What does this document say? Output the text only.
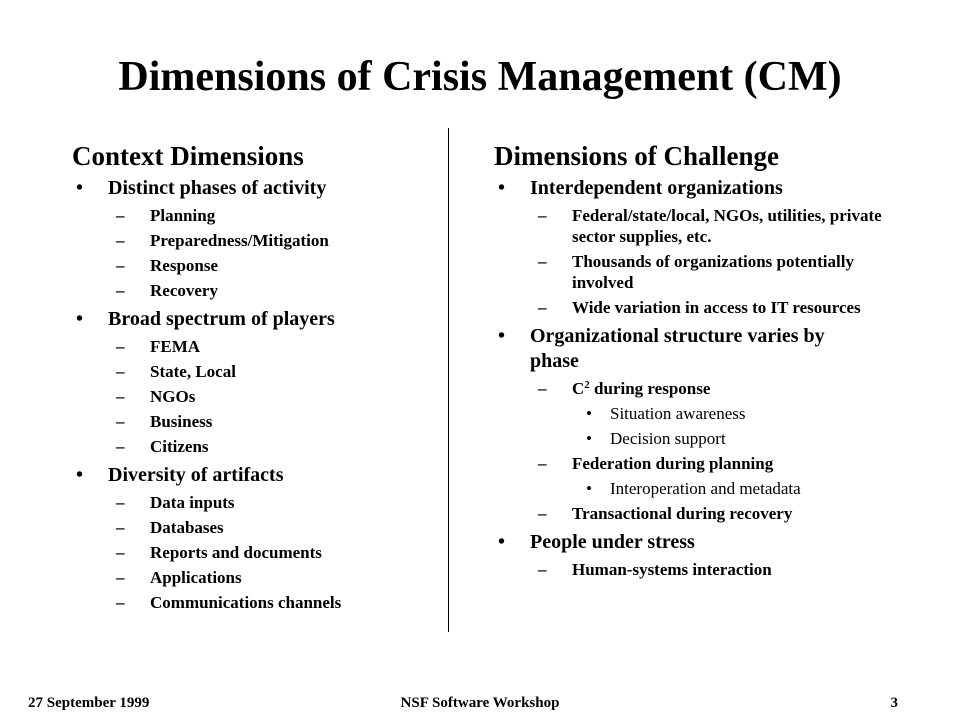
Dimensions of Crisis Management (CM)
Context Dimensions
• Distinct phases of activity
– Planning
– Preparedness/Mitigation
– Response
– Recovery
• Broad spectrum of players
– FEMA
– State, Local
– NGOs
– Business
– Citizens
• Diversity of artifacts
– Data inputs
– Databases
– Reports and documents
– Applications
– Communications channels
Dimensions of Challenge
• Interdependent organizations
– Federal/state/local, NGOs, utilities, private sector supplies, etc.
– Thousands of organizations potentially involved
– Wide variation in access to IT resources
• Organizational structure varies by phase
– $C^2$ during response
• Situation awareness
• Decision support
– Federation during planning
• Interoperation and metadata
– Transactional during recovery
• People under stress
– Human-systems interaction
27 September 1999	NSF Software Workshop	3
